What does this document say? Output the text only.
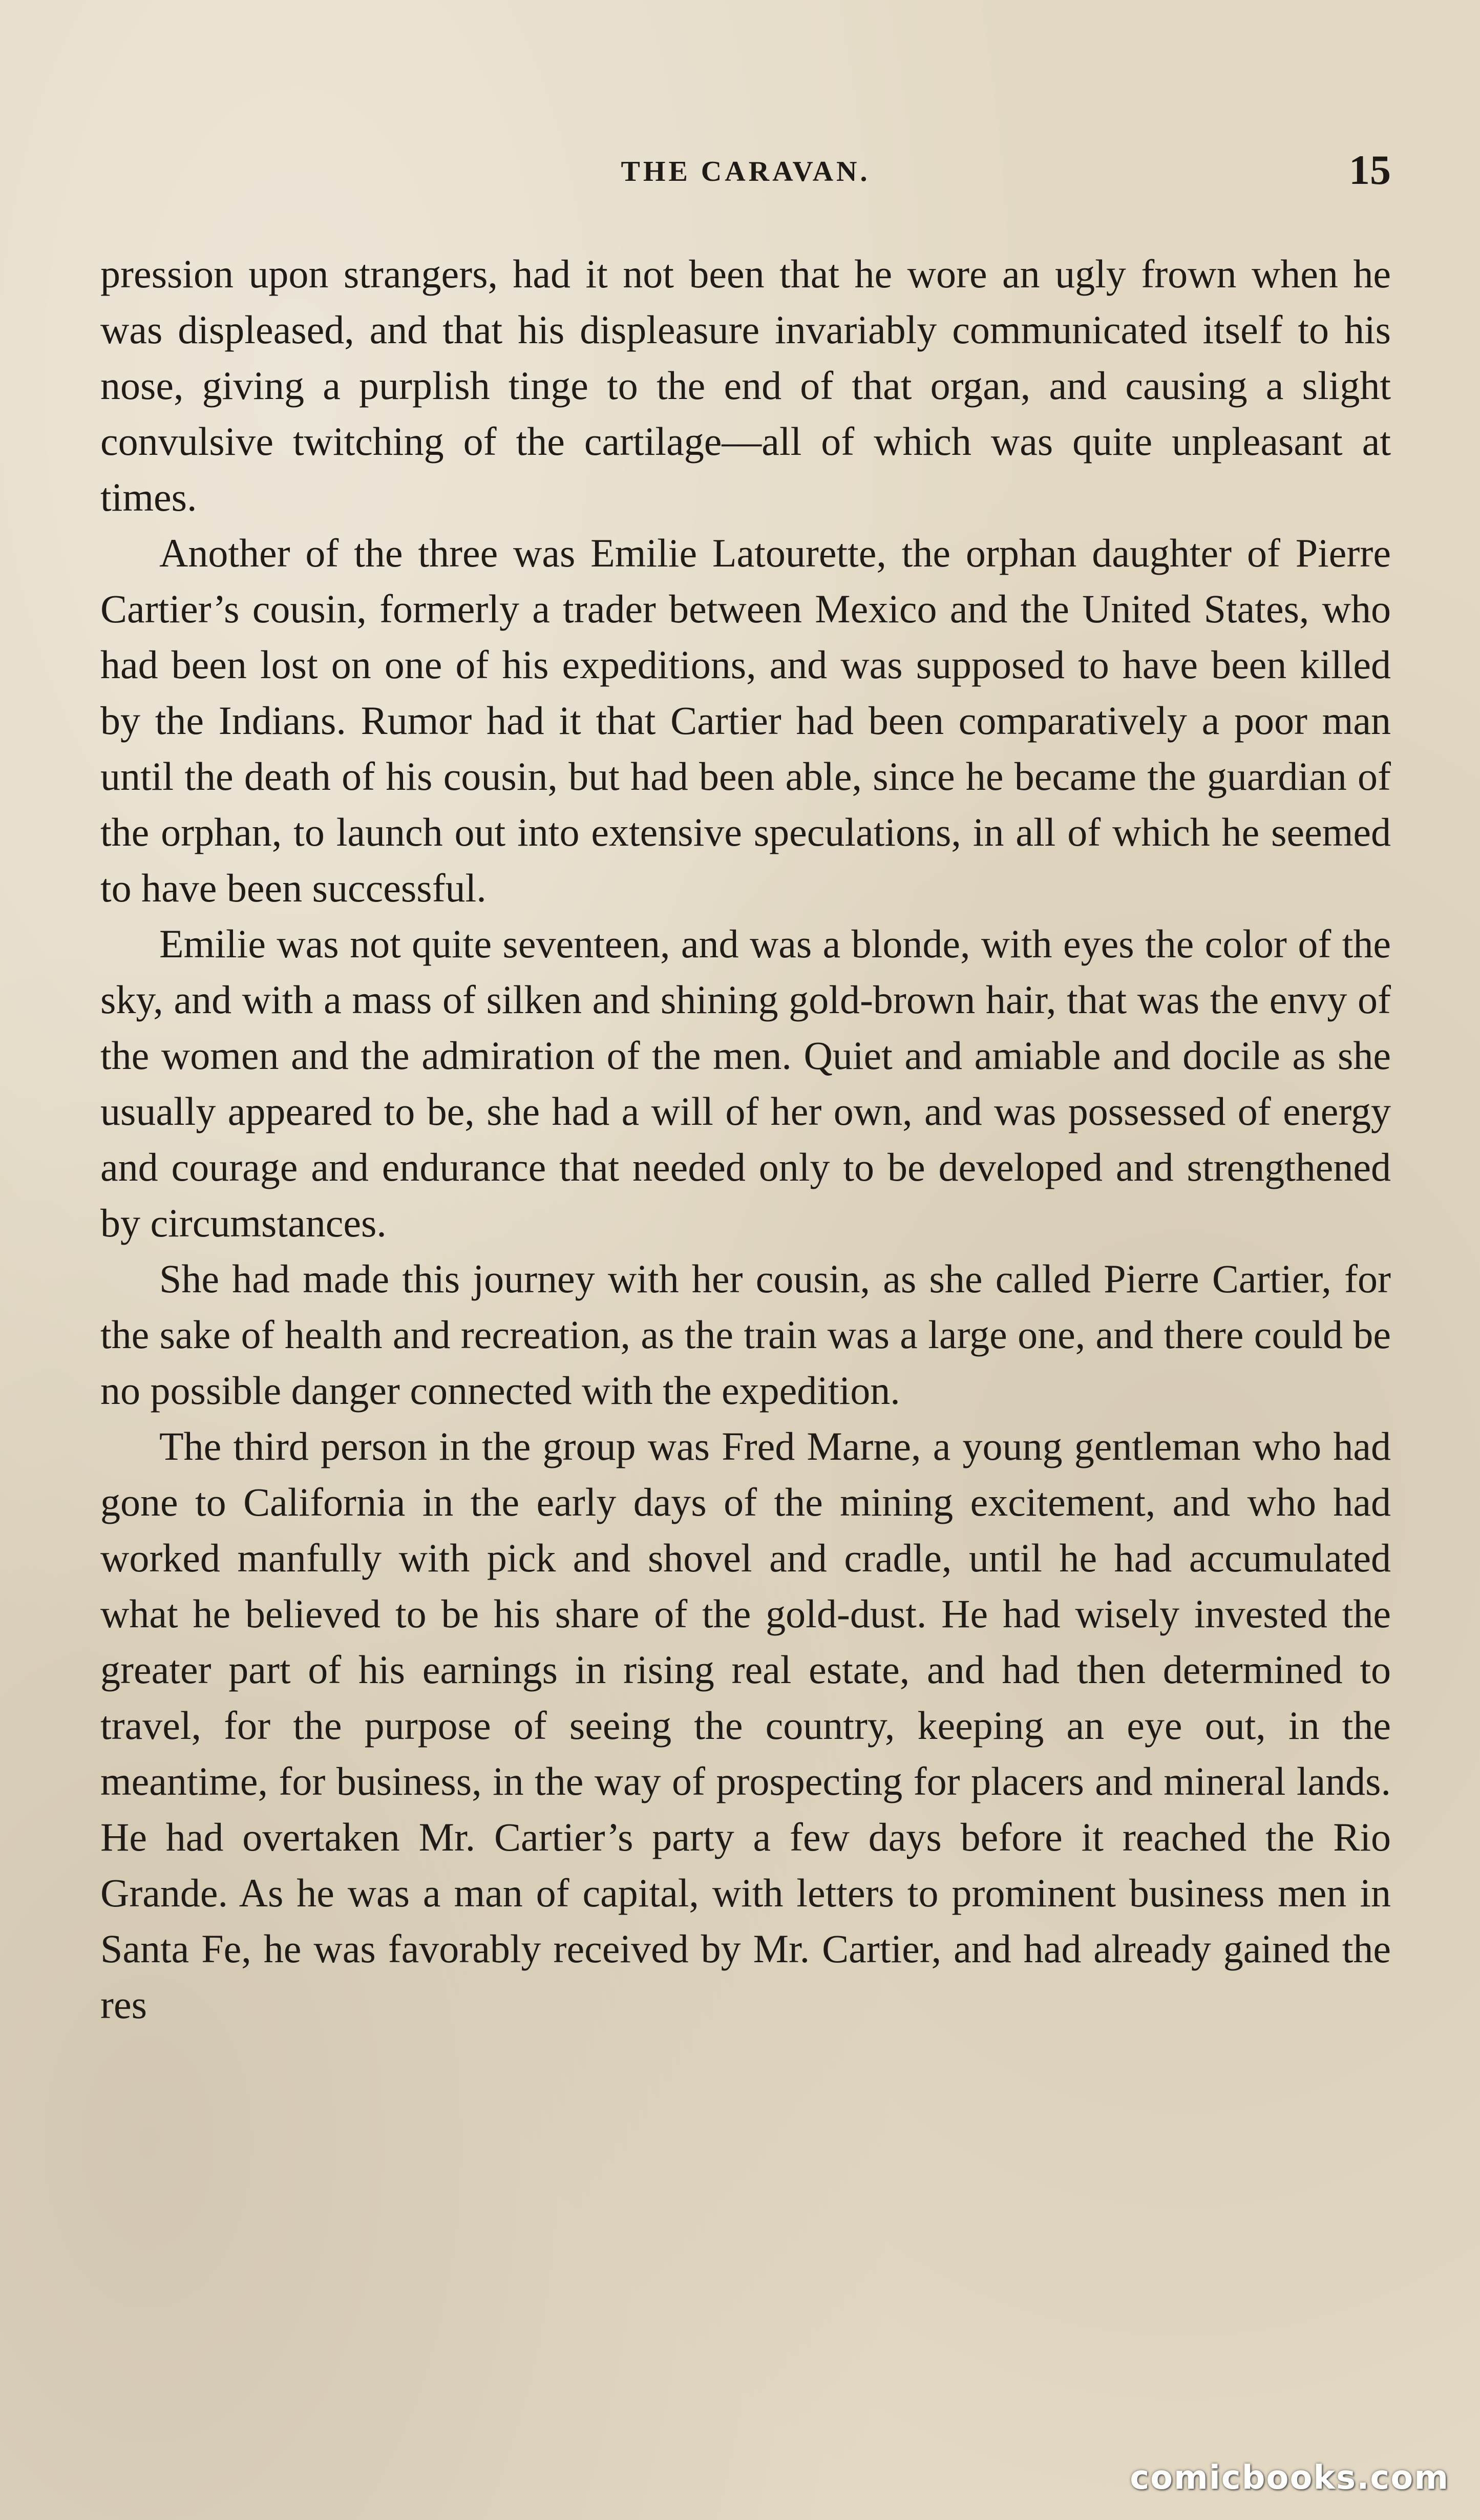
THE CARAVAN.	15

pression upon strangers, had it not been that he wore an ugly frown when he was displeased, and that his displeasure invariably communicated itself to his nose, giving a purplish tinge to the end of that organ, and causing a slight convulsive twitching of the cartilage—all of which was quite unpleasant at times.

Another of the three was Emilie Latourette, the orphan daughter of Pierre Cartier’s cousin, formerly a trader between Mexico and the United States, who had been lost on one of his expeditions, and was supposed to have been killed by the Indians. Rumor had it that Cartier had been comparatively a poor man until the death of his cousin, but had been able, since he became the guardian of the orphan, to launch out into extensive speculations, in all of which he seemed to have been successful.

Emilie was not quite seventeen, and was a blonde, with eyes the color of the sky, and with a mass of silken and shining gold-brown hair, that was the envy of the women and the admiration of the men. Quiet and amiable and docile as she usually appeared to be, she had a will of her own, and was possessed of energy and courage and endurance that needed only to be developed and strengthened by circumstances.

She had made this journey with her cousin, as she called Pierre Cartier, for the sake of health and recreation, as the train was a large one, and there could be no possible danger connected with the expedition.

The third person in the group was Fred Marne, a young gentleman who had gone to California in the early days of the mining excitement, and who had worked manfully with pick and shovel and cradle, until he had accumulated what he believed to be his share of the gold-dust. He had wisely invested the greater part of his earnings in rising real estate, and had then determined to travel, for the purpose of seeing the country, keeping an eye out, in the meantime, for business, in the way of prospecting for placers and mineral lands. He had overtaken Mr. Cartier’s party a few days before it reached the Rio Grande. As he was a man of capital, with letters to prominent business men in Santa Fe, he was favorably received by Mr. Cartier, and had already gained the res

comicbooks.com
